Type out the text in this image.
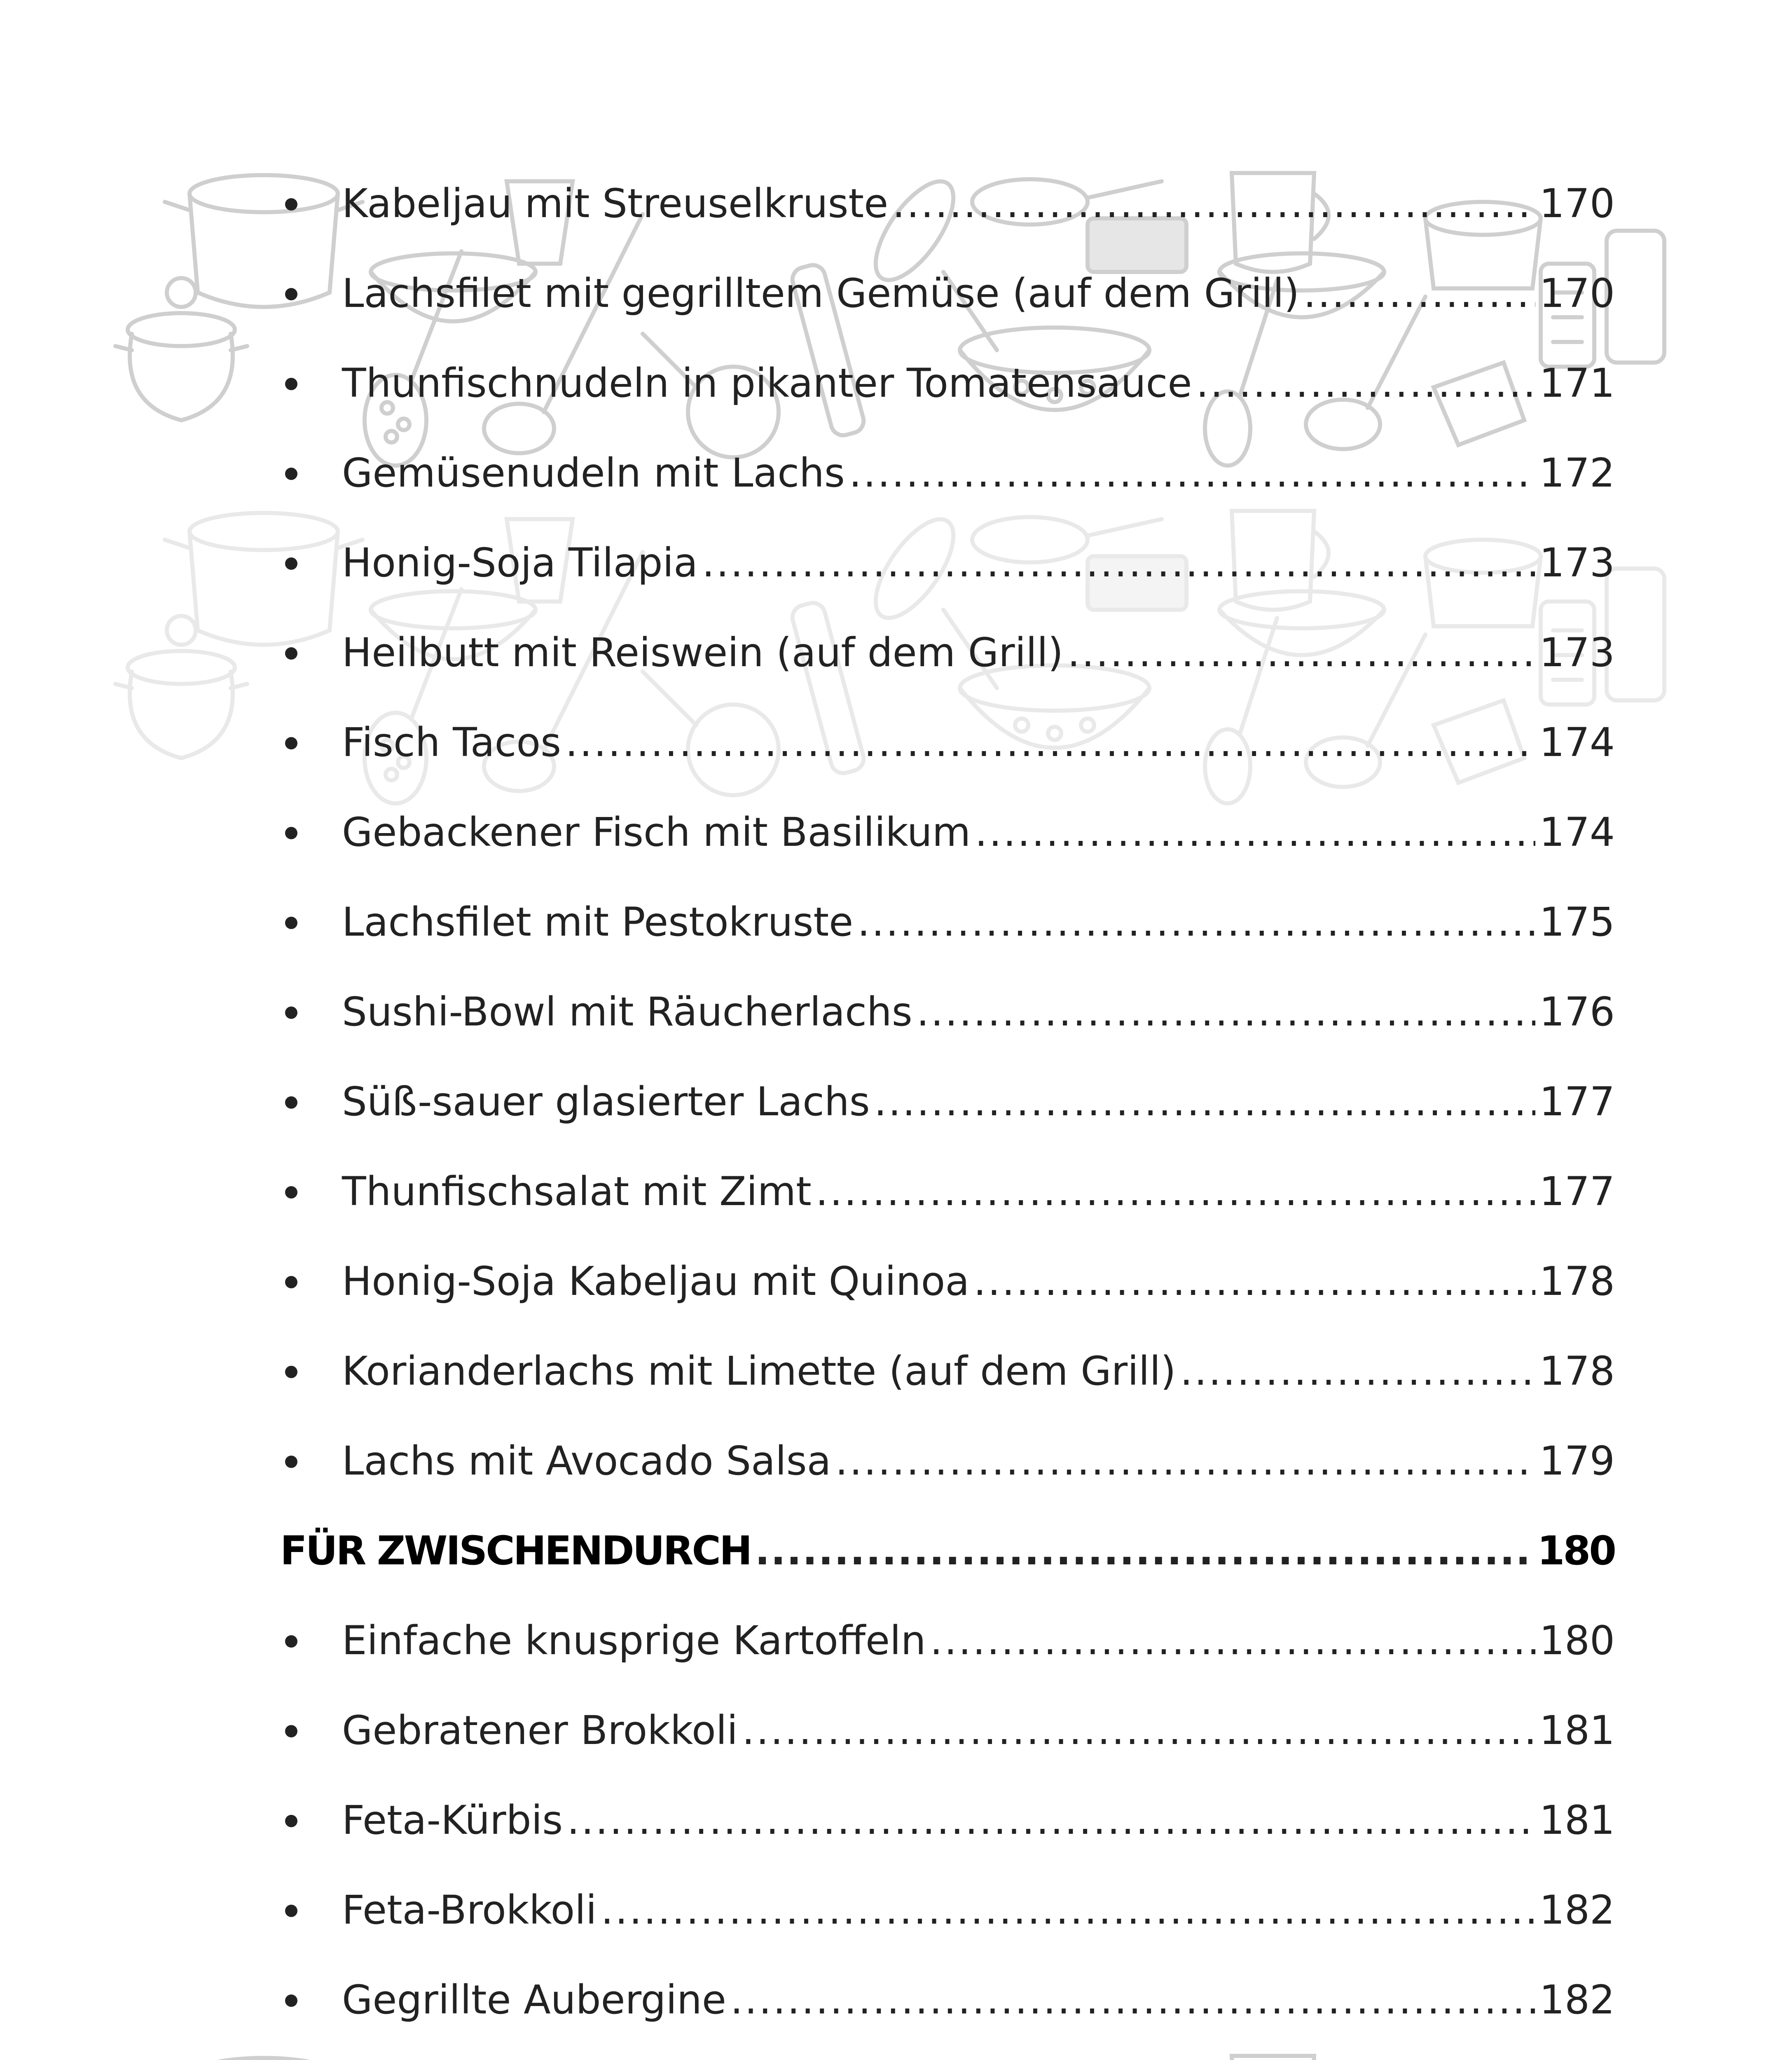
Kabeljau mit Streuselkruste .....	170
Lachsfilet mit gegrilltem Gemüse (auf dem Grill) .....	170
Thunfischnudeln in pikanter Tomatensauce .....	171
Gemüsenudeln mit Lachs .....	172
Honig-Soja Tilapia .....	173
Heilbutt mit Reiswein (auf dem Grill) .....	173
Fisch Tacos .....	174
Gebackener Fisch mit Basilikum .....	174
Lachsfilet mit Pestokruste .....	175
Sushi-Bowl mit Räucherlachs .....	176
Süß-sauer glasierter Lachs .....	177
Thunfischsalat mit Zimt .....	177
Honig-Soja Kabeljau mit Quinoa .....	178
Korianderlachs mit Limette (auf dem Grill) .....	178
Lachs mit Avocado Salsa .....	179
FÜR ZWISCHENDURCH .....	180
Einfache knusprige Kartoffeln .....	180
Gebratener Brokkoli .....	181
Feta-Kürbis .....	181
Feta-Brokkoli .....	182
Gegrillte Aubergine .....	182
.....
